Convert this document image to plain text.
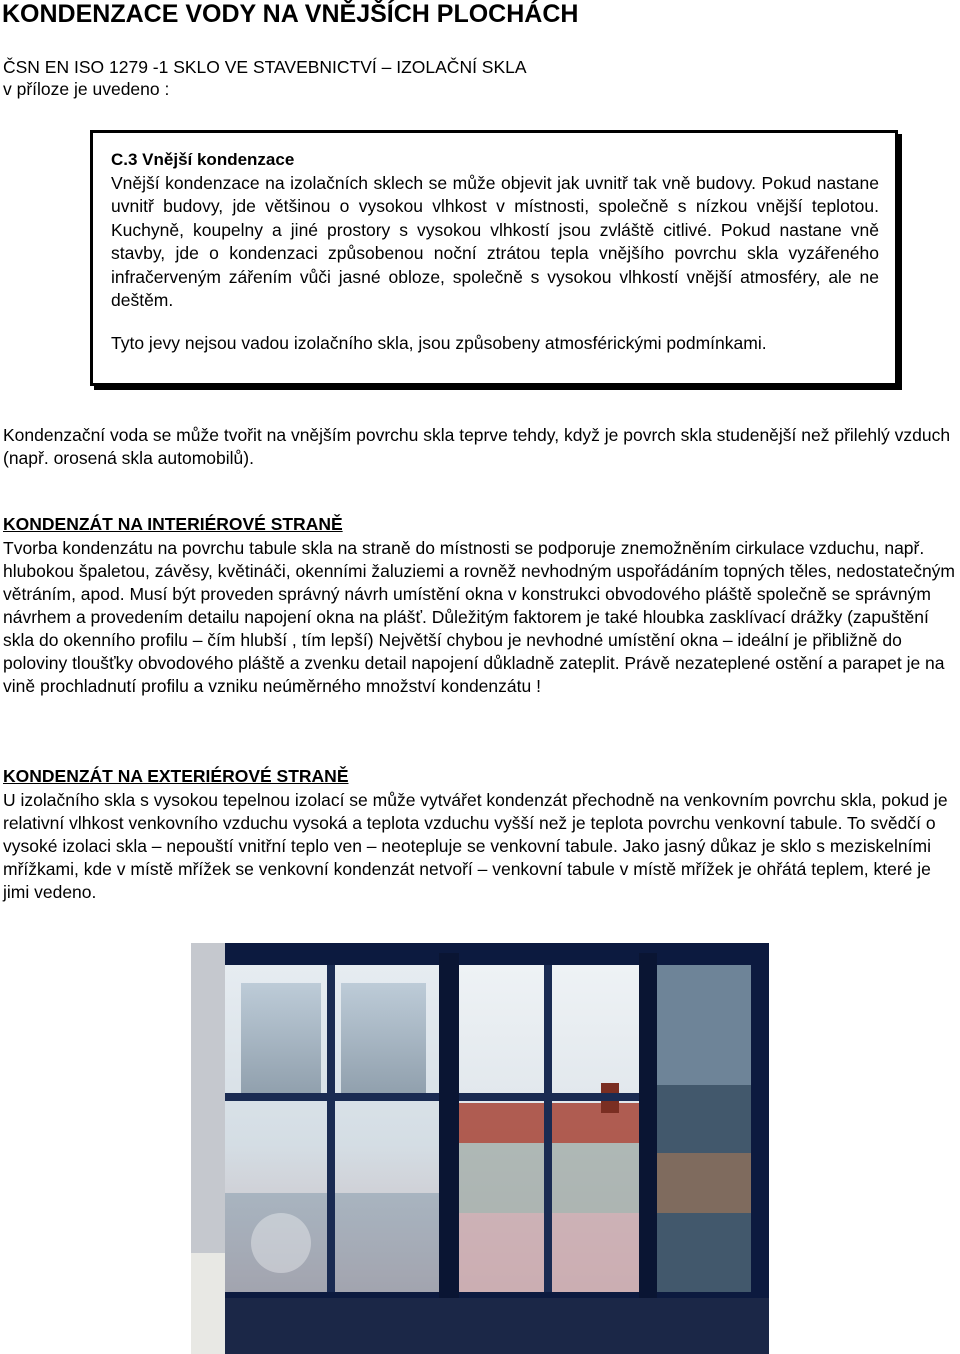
KONDENZACE VODY NA VNĚJŠÍCH PLOCHÁCH
ČSN EN ISO 1279 -1 SKLO VE STAVEBNICTVÍ – IZOLAČNÍ SKLA
v příloze je uvedeno :
C.3 Vnější kondenzace
Vnější kondenzace na izolačních sklech se může objevit jak uvnitř tak vně budovy. Pokud nastane uvnitř budovy, jde většinou o vysokou vlhkost v místnosti, společně s nízkou vnější teplotou. Kuchyně, koupelny a jiné prostory s vysokou vlhkostí jsou zvláště citlivé. Pokud nastane vně stavby, jde o kondenzaci způsobenou noční ztrátou tepla vnějšího povrchu skla vyzářeného infračerveným zářením vůči jasné obloze, společně s vysokou vlhkostí vnější atmosféry, ale ne deštěm.
Tyto jevy nejsou vadou izolačního skla, jsou způsobeny atmosférickými podmínkami.
Kondenzační voda se může tvořit na vnějším povrchu skla teprve tehdy, když je povrch skla studenější než přilehlý vzduch (např. orosená skla automobilů).
KONDENZÁT NA INTERIÉROVÉ STRANĚ
Tvorba kondenzátu na povrchu tabule skla na straně do místnosti se podporuje znemožněním cirkulace vzduchu, např. hlubokou špaletou, závěsy, květináči, okenními žaluziemi a rovněž nevhodným uspořádáním topných těles, nedostatečným větráním, apod. Musí být proveden správný návrh umístění okna v konstrukci obvodového pláště společně se správným návrhem a provedením detailu napojení okna na plášť. Důležitým faktorem je také hloubka zasklívací drážky (zapuštění skla do okenního profilu – čím hlubší , tím lepší) Největší chybou je nevhodné umístění okna – ideální je přibližně do poloviny tloušťky obvodového pláště a zvenku detail napojení důkladně zateplit. Právě nezateplené ostění a parapet je na vině prochladnutí profilu a vzniku neúměrného množství kondenzátu !
KONDENZÁT NA EXTERIÉROVÉ STRANĚ
U izolačního skla s vysokou tepelnou izolací se může vytvářet kondenzát přechodně na venkovním povrchu skla, pokud je relativní vlhkost venkovního vzduchu vysoká a teplota vzduchu vyšší než je teplota povrchu venkovní tabule. To svědčí o vysoké izolaci skla – nepouští vnitřní teplo ven – neotepluje se venkovní tabule. Jako jasný důkaz je sklo s meziskelními mřížkami, kde v místě mřížek se venkovní kondenzát netvoří – venkovní tabule v místě mřížek je ohřátá teplem, které je jimi vedeno.
